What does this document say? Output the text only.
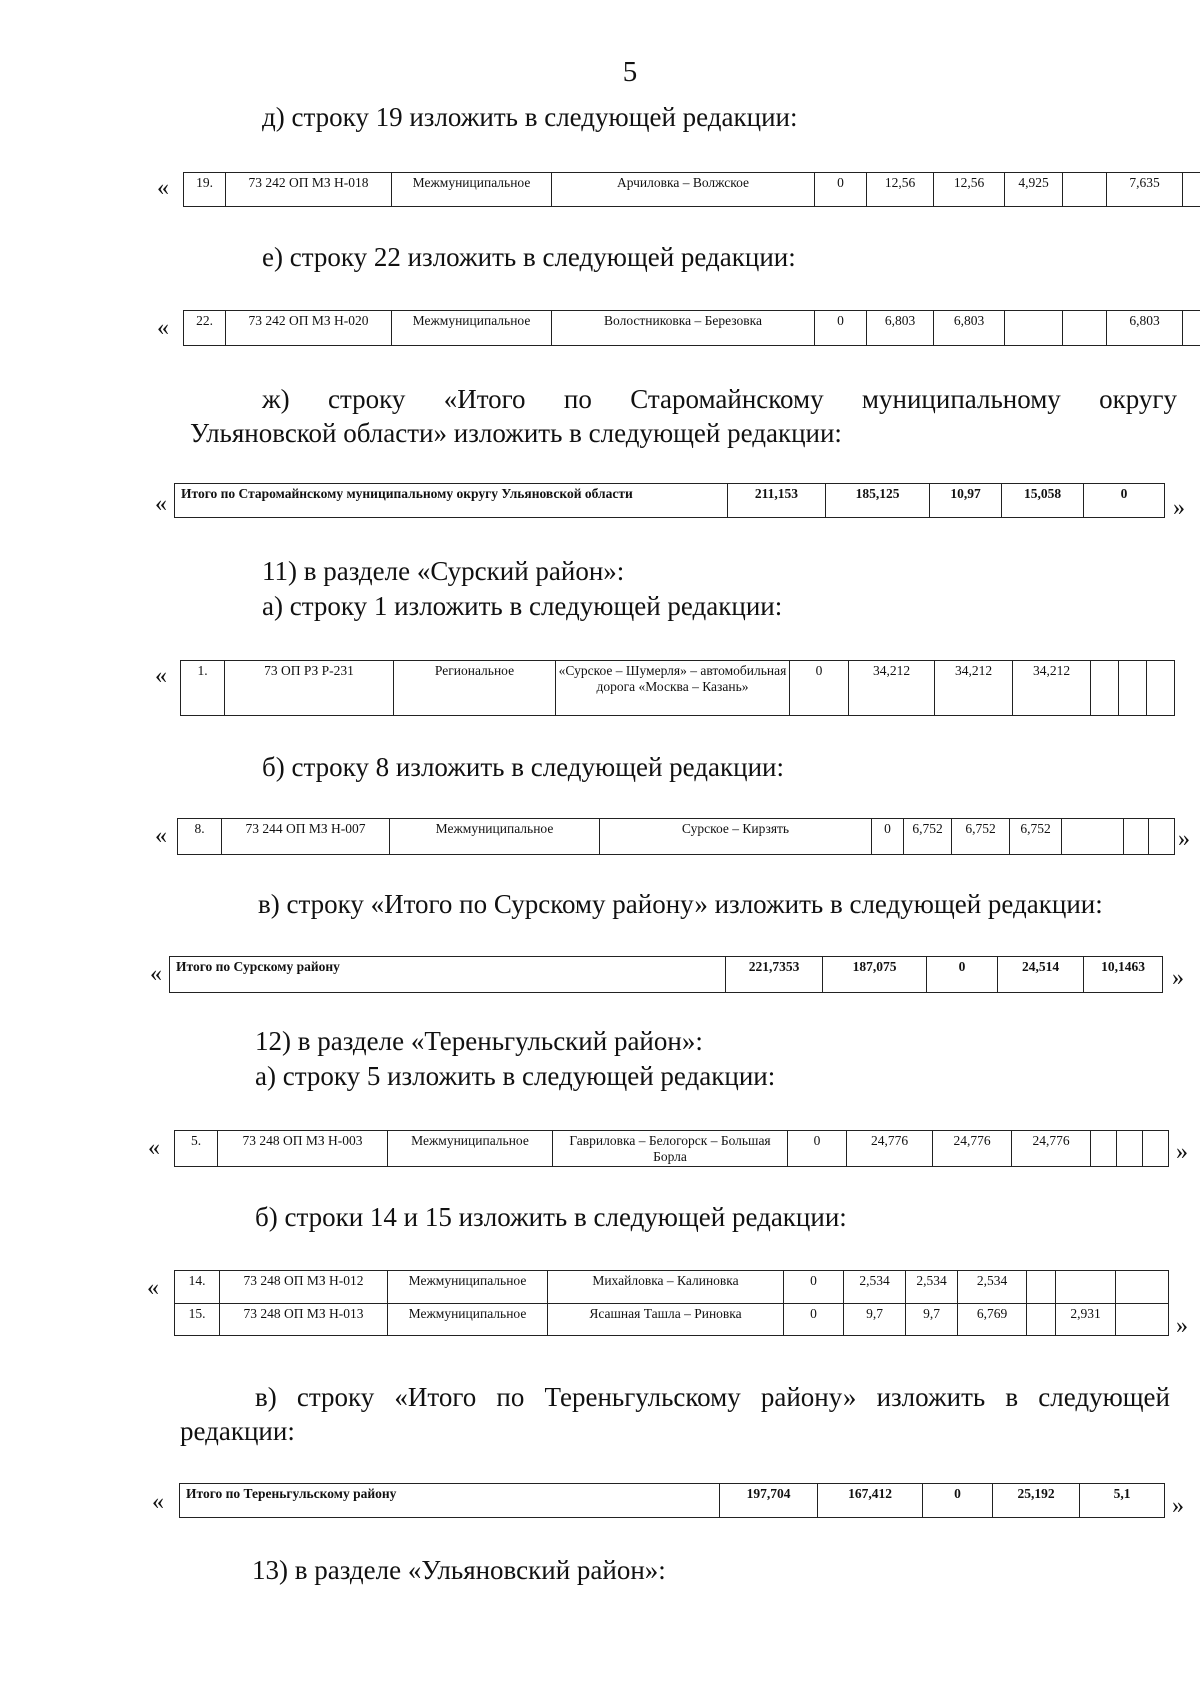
5
д) строку 19 изложить в следующей редакции:
« 19.	73 242 ОП МЗ Н-018	Межмуниципальное	Арчиловка – Волжское	0	12,56	12,56	4,925		7,635	
е) строку 22 изложить в следующей редакции:
« 22.	73 242 ОП МЗ Н-020	Межмуниципальное	Волостниковка – Березовка	0	6,803	6,803			6,803	
ж) строку «Итого по Старомайнскому муниципальному округу
Ульяновской области» изложить в следующей редакции:
« Итого по Старомайнскому муниципальному округу Ульяновской области	211,153	185,125	10,97	15,058	0
»
11) в разделе «Сурский район»:
а) строку 1 изложить в следующей редакции:
« 1.	73 ОП РЗ Р-231	Региональное	«Сурское – Шумерля» – автомобильная дорога «Москва – Казань»	0	34,212	34,212	34,212			
б) строку 8 изложить в следующей редакции:
« 8.	73 244 ОП МЗ Н-007	Межмуниципальное	Сурское – Кирзять	0	6,752	6,752	6,752				»
в) строку «Итого по Сурскому району» изложить в следующей редакции:
« Итого по Сурскому району	221,7353	187,075	0	24,514	10,1463 »
12) в разделе «Тереньгульский район»:
а) строку 5 изложить в следующей редакции:
« 5.	73 248 ОП МЗ Н-003	Межмуниципальное	Гавриловка – Белогорск – Большая Борла	0	24,776	24,776	24,776				»
б) строки 14 и 15 изложить в следующей редакции:
« 14.	73 248 ОП МЗ Н-012	Межмуниципальное	Михайловка – Калиновка	0	2,534	2,534	2,534			
15.	73 248 ОП МЗ Н-013	Межмуниципальное	Ясашная Ташла – Риновка	0	9,7	9,7	6,769		2,931		»
в) строку «Итого по Тереньгульскому району» изложить в следующей
редакции:
« Итого по Тереньгульскому району	197,704	167,412	0	25,192	5,1 »
13) в разделе «Ульяновский район»:
